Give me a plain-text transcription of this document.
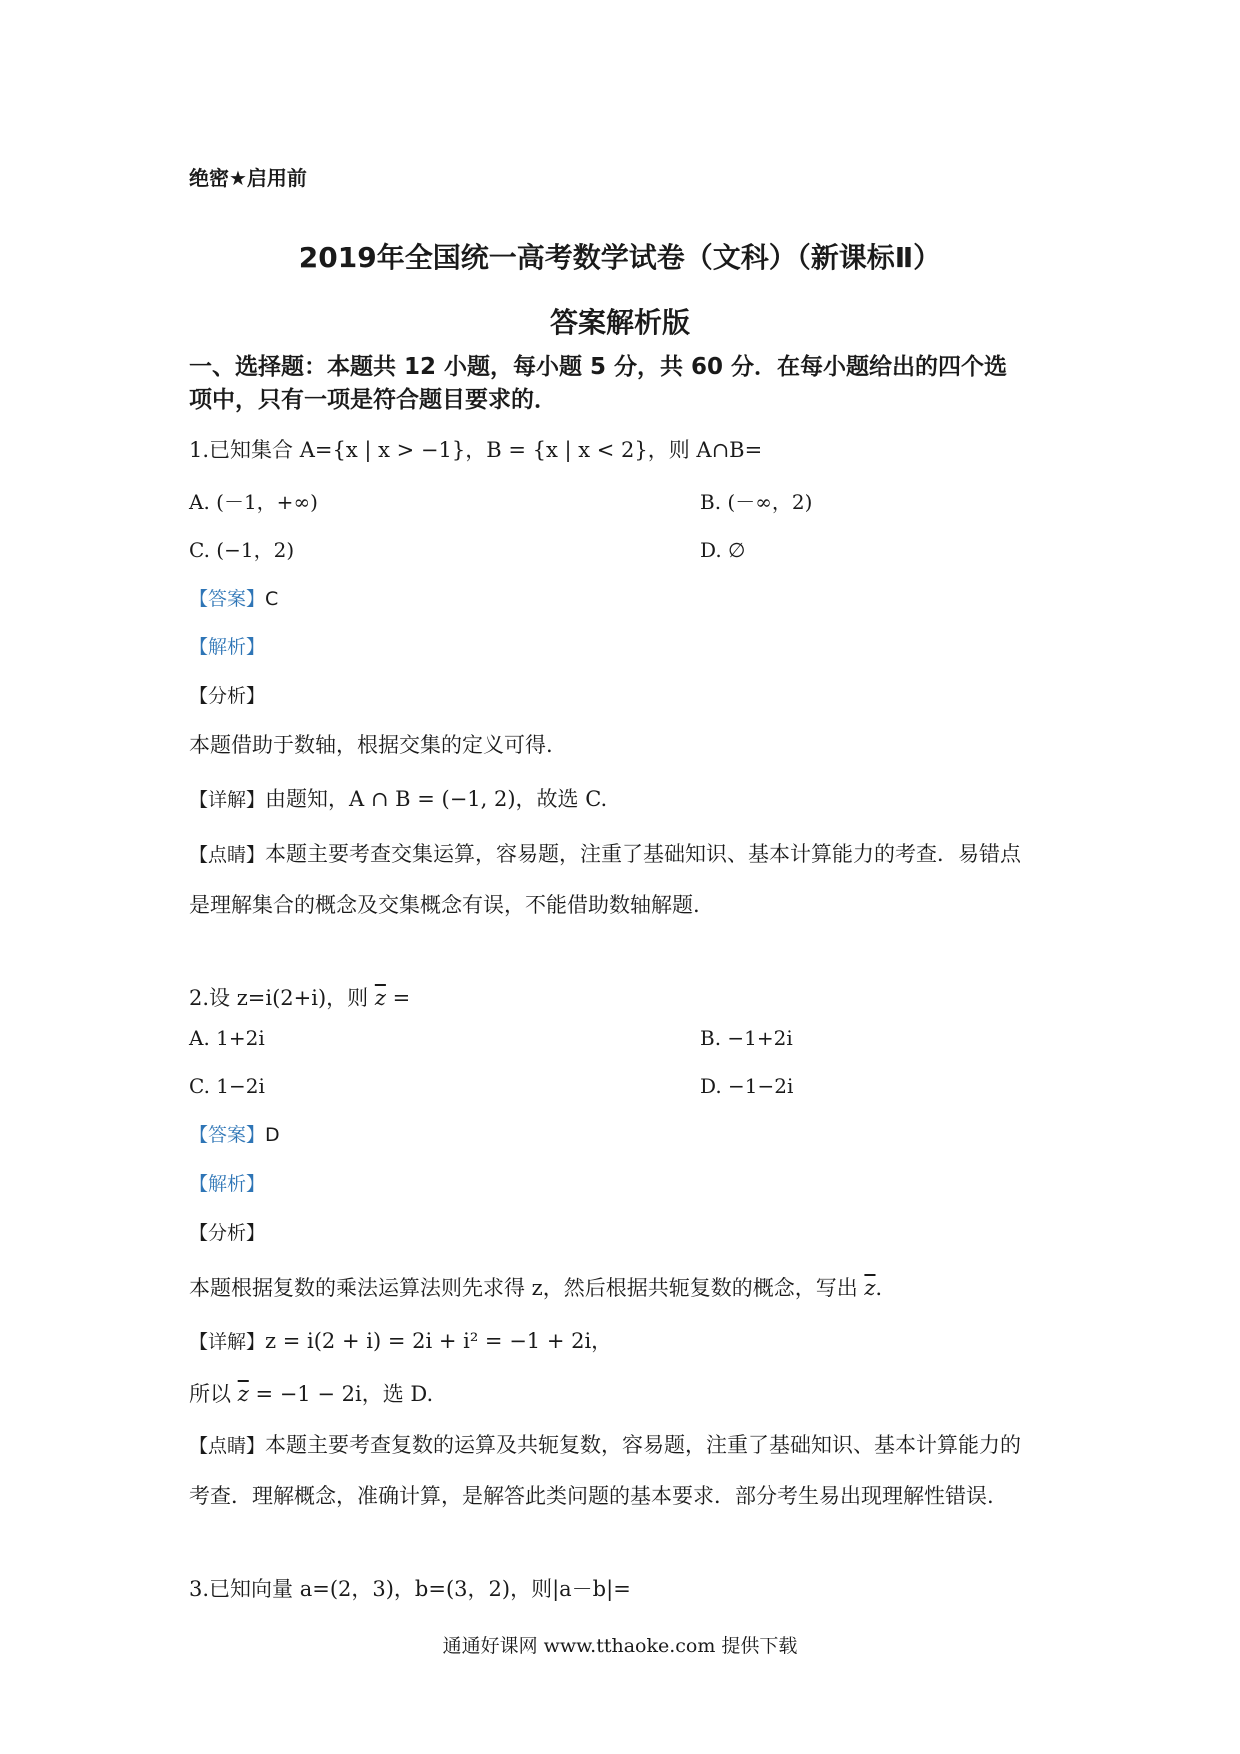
绝密★启用前
2019年全国统一高考数学试卷（文科）（新课标Ⅱ）
答案解析版
一、选择题：本题共 12 小题，每小题 5 分，共 60 分．在每小题给出的四个选
项中，只有一项是符合题目要求的．
1.已知集合 A={x | x > −1}，B = {x | x < 2}，则 A∩B=
A. (－1，+∞)	B. (－∞，2)
C. (−1，2)	D. ∅
【答案】C
【解析】
【分析】
本题借助于数轴，根据交集的定义可得.
【详解】由题知，A ∩ B = (−1, 2)，故选 C.
【点睛】本题主要考查交集运算，容易题，注重了基础知识、基本计算能力的考查．易错点
是理解集合的概念及交集概念有误，不能借助数轴解题.
2.设 z=i(2+i)，则 $\overline{z}$ =
A. 1+2i	B. −1+2i
C. 1−2i	D. −1−2i
【答案】D
【解析】
【分析】
本题根据复数的乘法运算法则先求得 z，然后根据共轭复数的概念，写出 $\overline{z}$．
【详解】z = i(2 + i) = 2i + i² = −1 + 2i，
所以 $\overline{z} = -1 - 2i$，选 D.
【点睛】本题主要考查复数的运算及共轭复数，容易题，注重了基础知识、基本计算能力的
考查．理解概念，准确计算，是解答此类问题的基本要求．部分考生易出现理解性错误.
3.已知向量 a=(2，3)，b=(3，2)，则|a－b|=
通通好课网 www.tthaoke.com 提供下载
